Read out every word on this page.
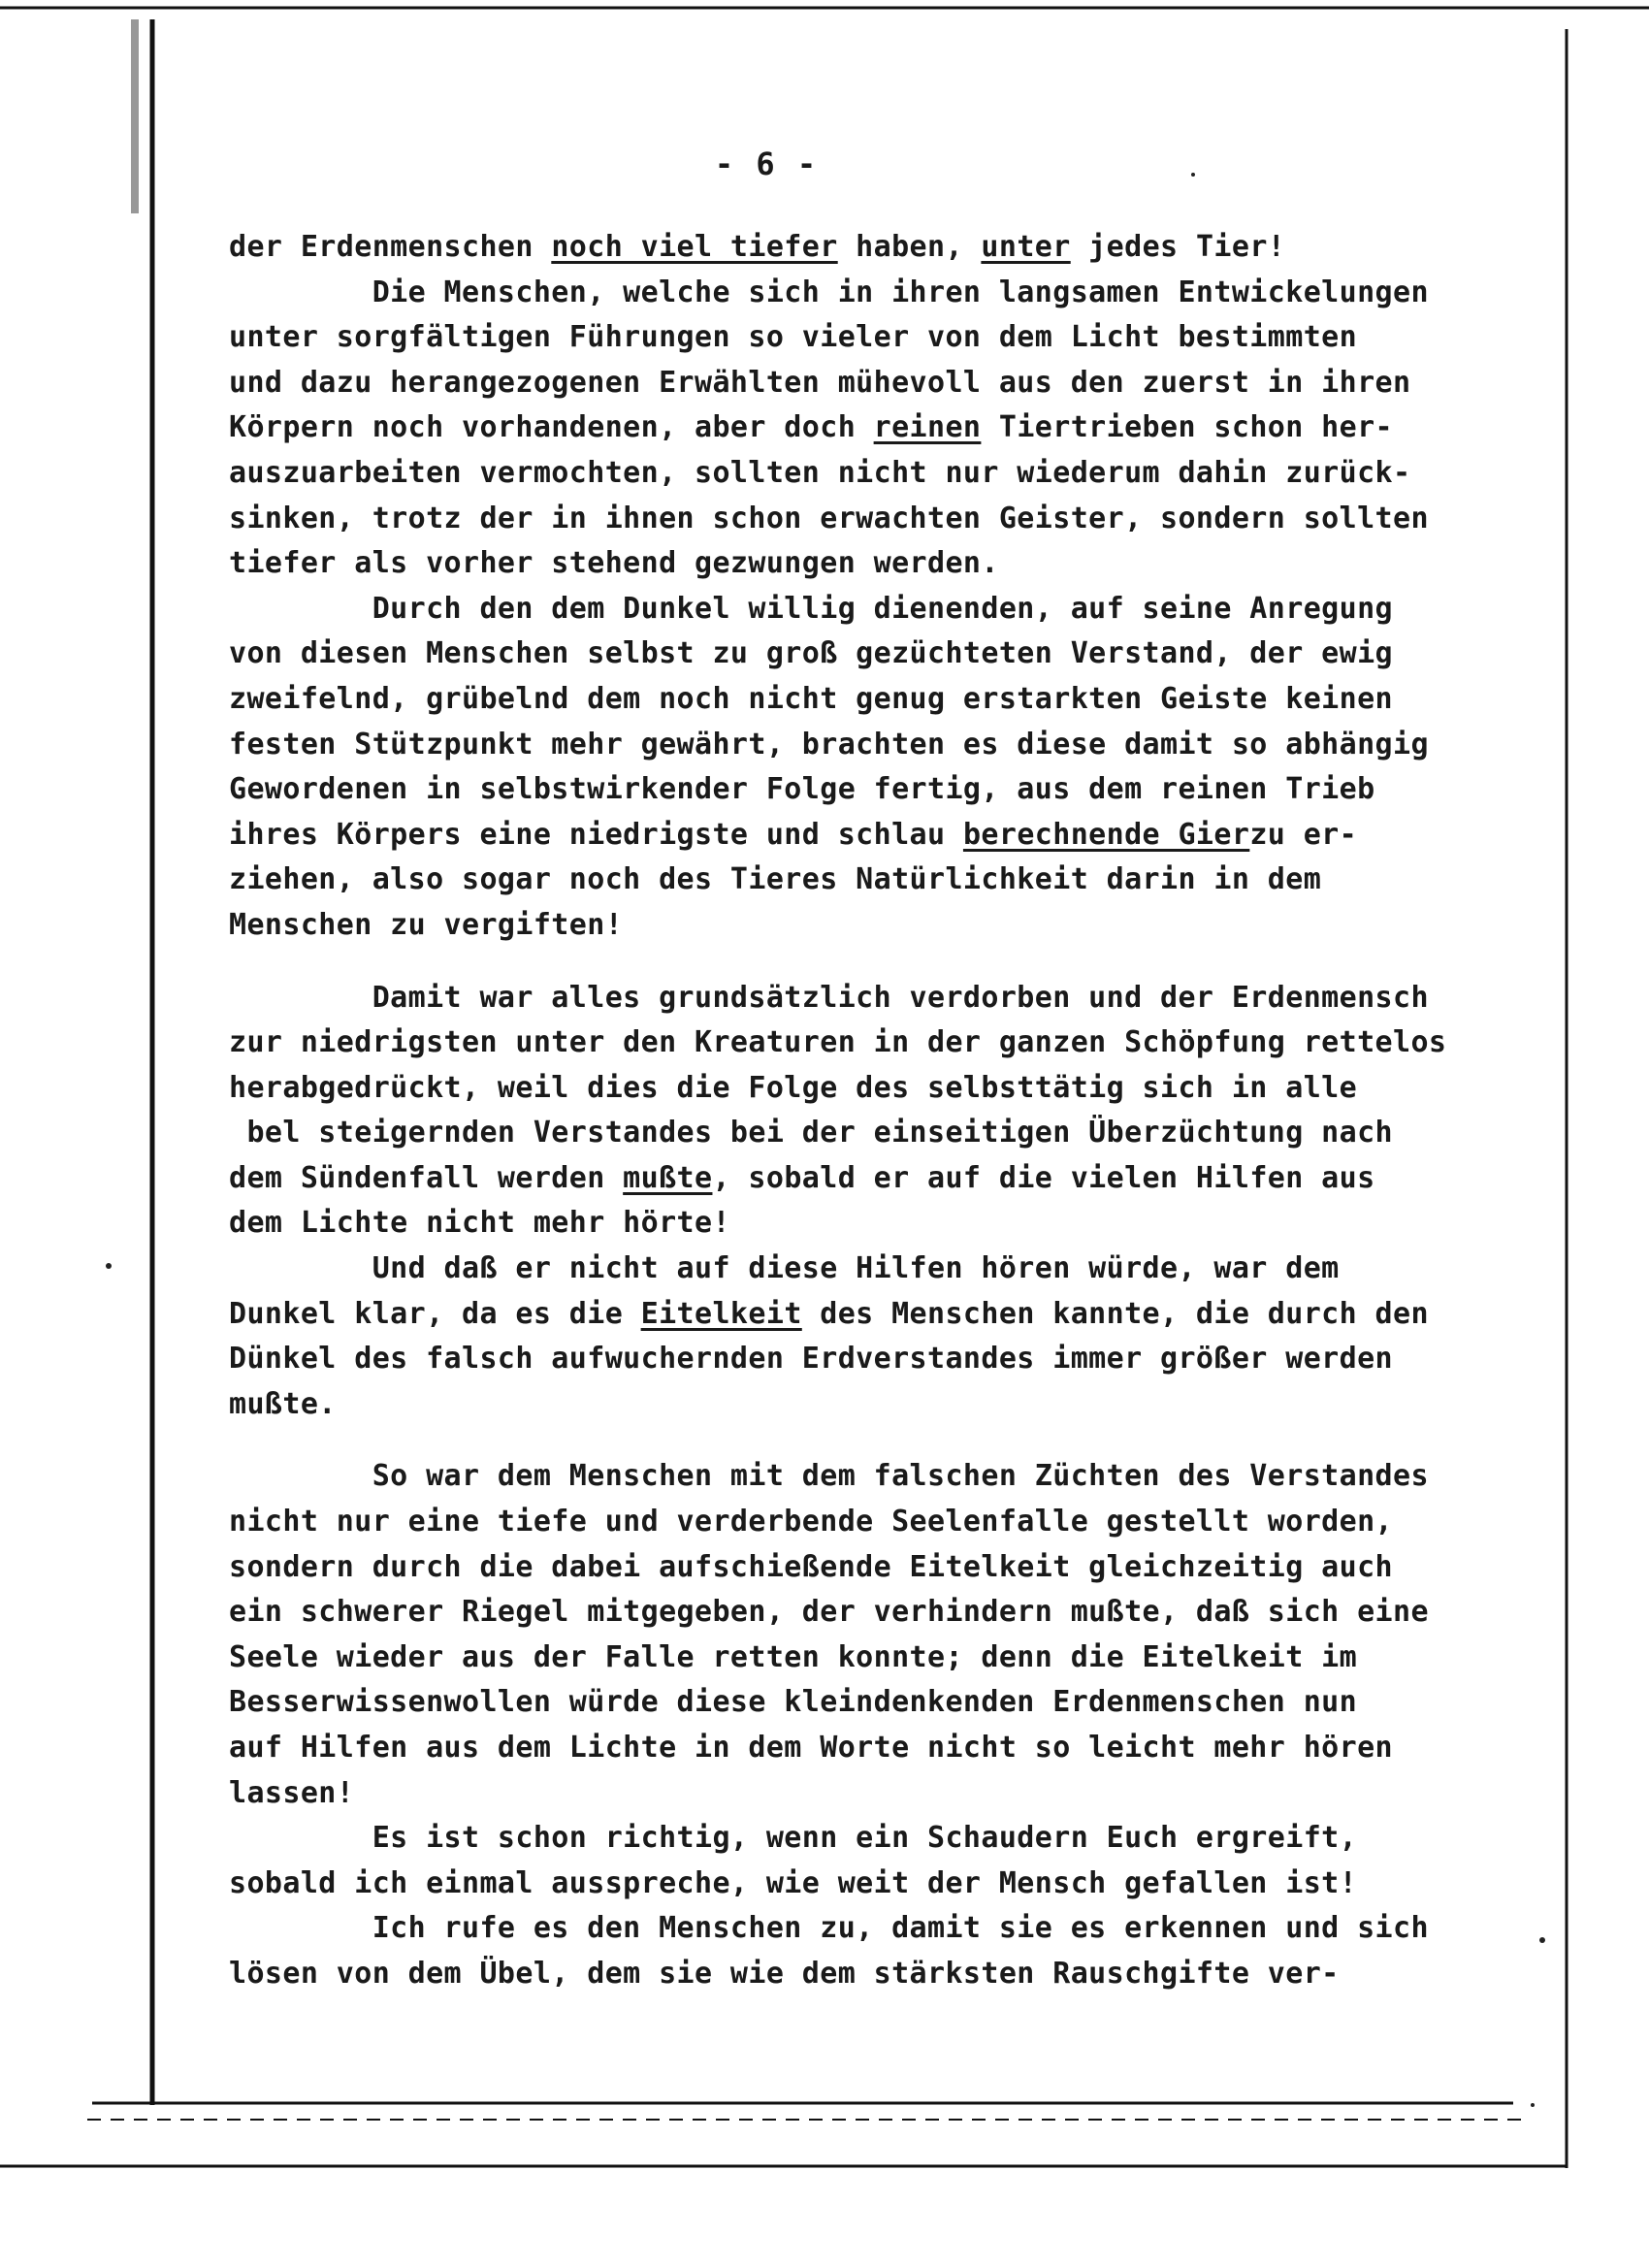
- 6 -
der Erdenmenschen noch viel tiefer haben, unter jedes Tier!
Die Menschen, welche sich in ihren langsamen Entwickelungen
unter sorgfältigen Führungen so vieler von dem Licht bestimmten
und dazu herangezogenen Erwählten mühevoll aus den zuerst in ihren
Körpern noch vorhandenen, aber doch reinen Tiertrieben schon her-
auszuarbeiten vermochten, sollten nicht nur wiederum dahin zurück-
sinken, trotz der in ihnen schon erwachten Geister, sondern sollten
tiefer als vorher stehend gezwungen werden.
Durch den dem Dunkel willig dienenden, auf seine Anregung
von diesen Menschen selbst zu groß gezüchteten Verstand, der ewig
zweifelnd, grübelnd dem noch nicht genug erstarkten Geiste keinen
festen Stützpunkt mehr gewährt, brachten es diese damit so abhängig
Gewordenen in selbstwirkender Folge fertig, aus dem reinen Trieb
ihres Körpers eine niedrigste und schlau berechnende Gierzu er-
ziehen, also sogar noch des Tieres Natürlichkeit darin in dem
Menschen zu vergiften!
Damit war alles grundsätzlich verdorben und der Erdenmensch
zur niedrigsten unter den Kreaturen in der ganzen Schöpfung rettelos
herabgedrückt, weil dies die Folge des selbsttätig sich in alle
bel steigernden Verstandes bei der einseitigen Überzüchtung nach
dem Sündenfall werden mußte, sobald er auf die vielen Hilfen aus
dem Lichte nicht mehr hörte!
Und daß er nicht auf diese Hilfen hören würde, war dem
Dunkel klar, da es die Eitelkeit des Menschen kannte, die durch den
Dünkel des falsch aufwuchernden Erdverstandes immer größer werden
mußte.
So war dem Menschen mit dem falschen Züchten des Verstandes
nicht nur eine tiefe und verderbende Seelenfalle gestellt worden,
sondern durch die dabei aufschießende Eitelkeit gleichzeitig auch
ein schwerer Riegel mitgegeben, der verhindern mußte, daß sich eine
Seele wieder aus der Falle retten konnte; denn die Eitelkeit im
Besserwissenwollen würde diese kleindenkenden Erdenmenschen nun
auf Hilfen aus dem Lichte in dem Worte nicht so leicht mehr hören
lassen!
Es ist schon richtig, wenn ein Schaudern Euch ergreift,
sobald ich einmal ausspreche, wie weit der Mensch gefallen ist!
Ich rufe es den Menschen zu, damit sie es erkennen und sich
lösen von dem Übel, dem sie wie dem stärksten Rauschgifte ver-
